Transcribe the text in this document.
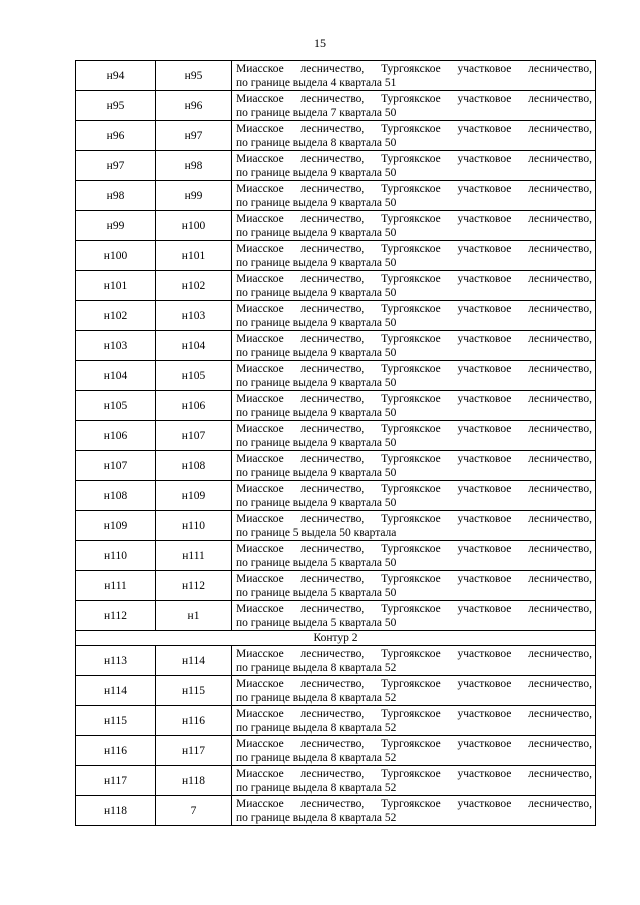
15
н94	н95	Миасское лесничество, Тургоякское участковое лесничество,
по границе выдела 4 квартала 51

н95	н96	Миасское лесничество, Тургоякское участковое лесничество,
по границе выдела 7 квартала 50

н96	н97	Миасское лесничество, Тургоякское участковое лесничество,
по границе выдела 8 квартала 50

н97	н98	Миасское лесничество, Тургоякское участковое лесничество,
по границе выдела 9 квартала 50

н98	н99	Миасское лесничество, Тургоякское участковое лесничество,
по границе выдела 9 квартала 50

н99	н100	Миасское лесничество, Тургоякское участковое лесничество,
по границе выдела 9 квартала 50

н100	н101	Миасское лесничество, Тургоякское участковое лесничество,
по границе выдела 9 квартала 50

н101	н102	Миасское лесничество, Тургоякское участковое лесничество,
по границе выдела 9 квартала 50

н102	н103	Миасское лесничество, Тургоякское участковое лесничество,
по границе выдела 9 квартала 50

н103	н104	Миасское лесничество, Тургоякское участковое лесничество,
по границе выдела 9 квартала 50

н104	н105	Миасское лесничество, Тургоякское участковое лесничество,
по границе выдела 9 квартала 50

н105	н106	Миасское лесничество, Тургоякское участковое лесничество,
по границе выдела 9 квартала 50

н106	н107	Миасское лесничество, Тургоякское участковое лесничество,
по границе выдела 9 квартала 50

н107	н108	Миасское лесничество, Тургоякское участковое лесничество,
по границе выдела 9 квартала 50

н108	н109	Миасское лесничество, Тургоякское участковое лесничество,
по границе выдела 9 квартала 50

н109	н110	Миасское лесничество, Тургоякское участковое лесничество,
по границе 5 выдела 50 квартала

н110	н111	Миасское лесничество, Тургоякское участковое лесничество,
по границе выдела 5 квартала 50

н111	н112	Миасское лесничество, Тургоякское участковое лесничество,
по границе выдела 5 квартала 50

н112	н1	Миасское лесничество, Тургоякское участковое лесничество,
по границе выдела 5 квартала 50

Контур 2		
н113	н114	Миасское лесничество, Тургоякское участковое лесничество,
по границе выдела 8 квартала 52

н114	н115	Миасское лесничество, Тургоякское участковое лесничество,
по границе выдела 8 квартала 52

н115	н116	Миасское лесничество, Тургоякское участковое лесничество,
по границе выдела 8 квартала 52

н116	н117	Миасское лесничество, Тургоякское участковое лесничество,
по границе выдела 8 квартала 52

н117	н118	Миасское лесничество, Тургоякское участковое лесничество,
по границе выдела 8 квартала 52

н118	7	Миасское лесничество, Тургоякское участковое лесничество,
по границе выдела 8 квартала 52
